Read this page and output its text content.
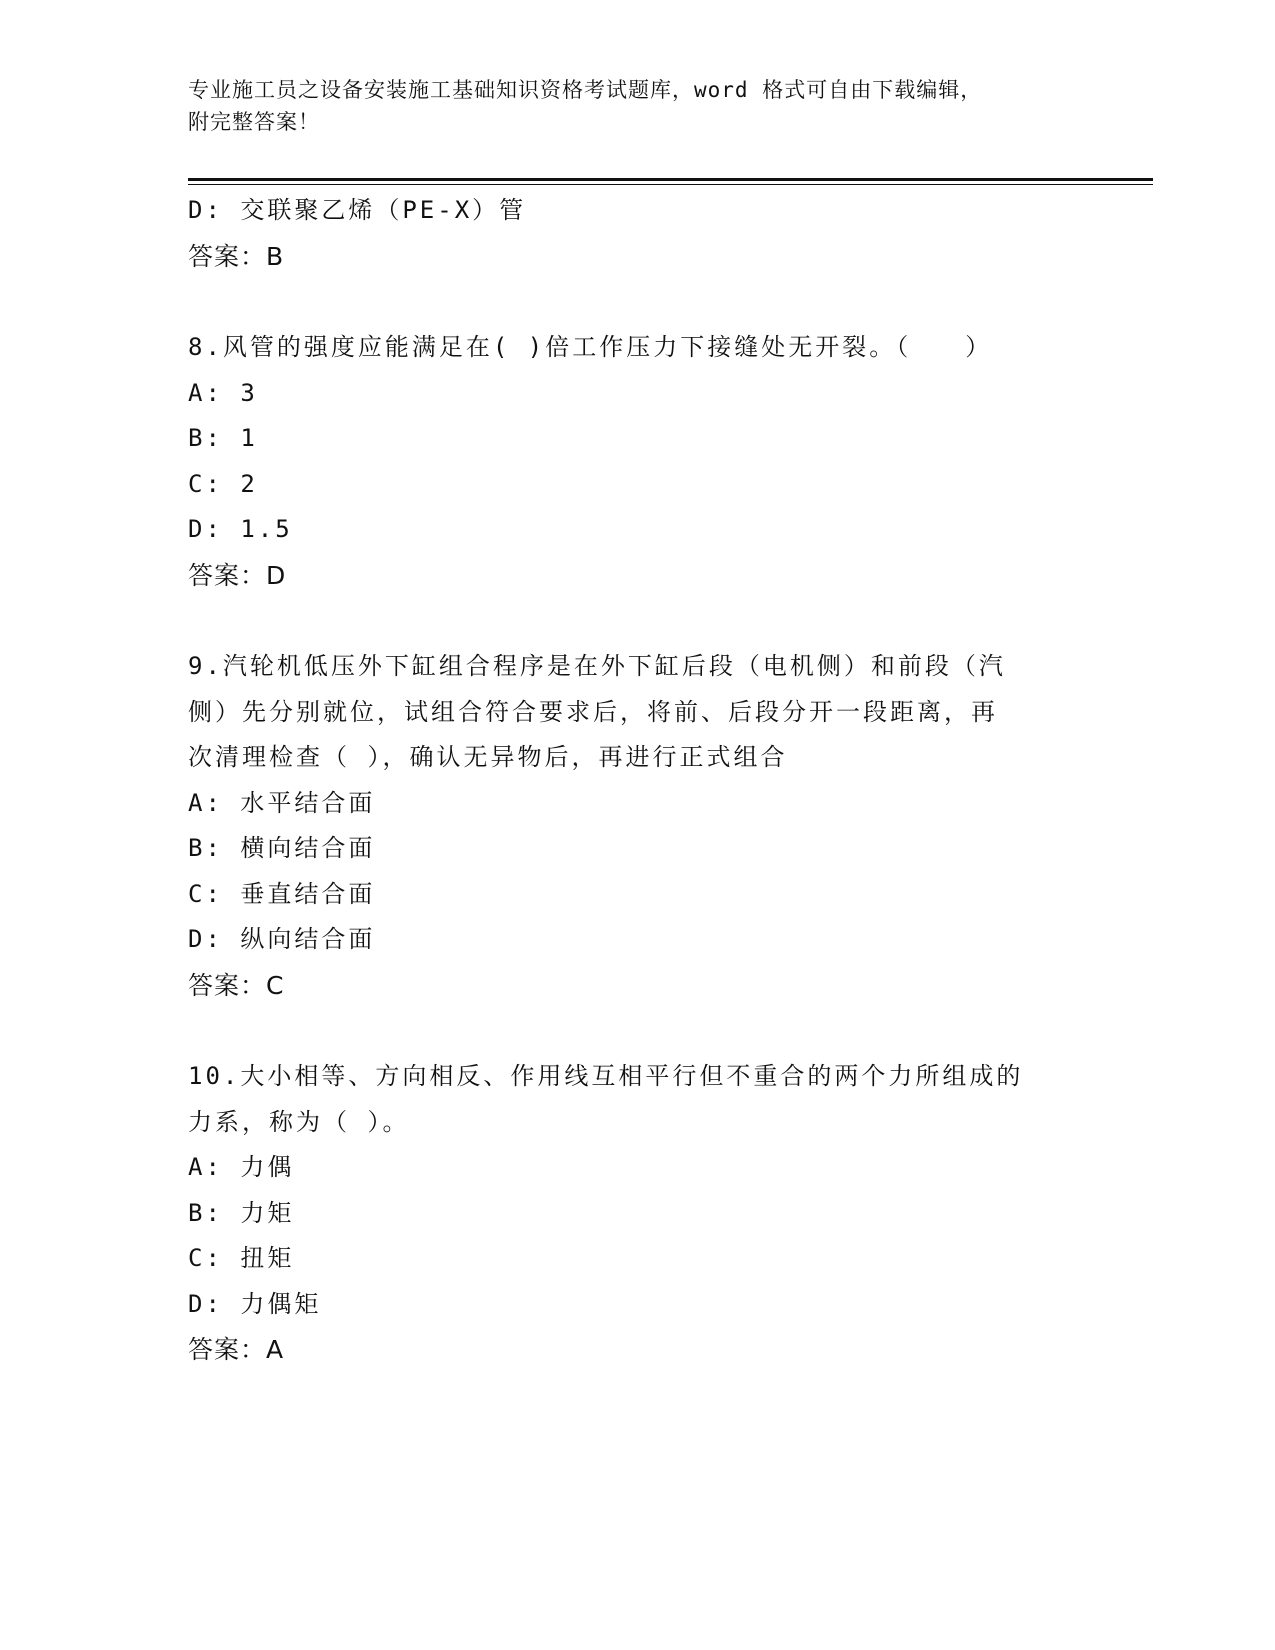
专业施工员之设备安装施工基础知识资格考试题库，word 格式可自由下载编辑，
附完整答案！
D: 交联聚乙烯（PE-X）管
答案：B
8.风管的强度应能满足在( )倍工作压力下接缝处无开裂。（　　）
A: 3
B: 1
C: 2
D: 1.5
答案：D
9.汽轮机低压外下缸组合程序是在外下缸后段（电机侧）和前段（汽
侧）先分别就位，试组合符合要求后，将前、后段分开一段距离，再
次清理检查（ ），确认无异物后，再进行正式组合
A: 水平结合面
B: 横向结合面
C: 垂直结合面
D: 纵向结合面
答案：C
10.大小相等、方向相反、作用线互相平行但不重合的两个力所组成的
力系，称为（ ）。
A: 力偶
B: 力矩
C: 扭矩
D: 力偶矩
答案：A
